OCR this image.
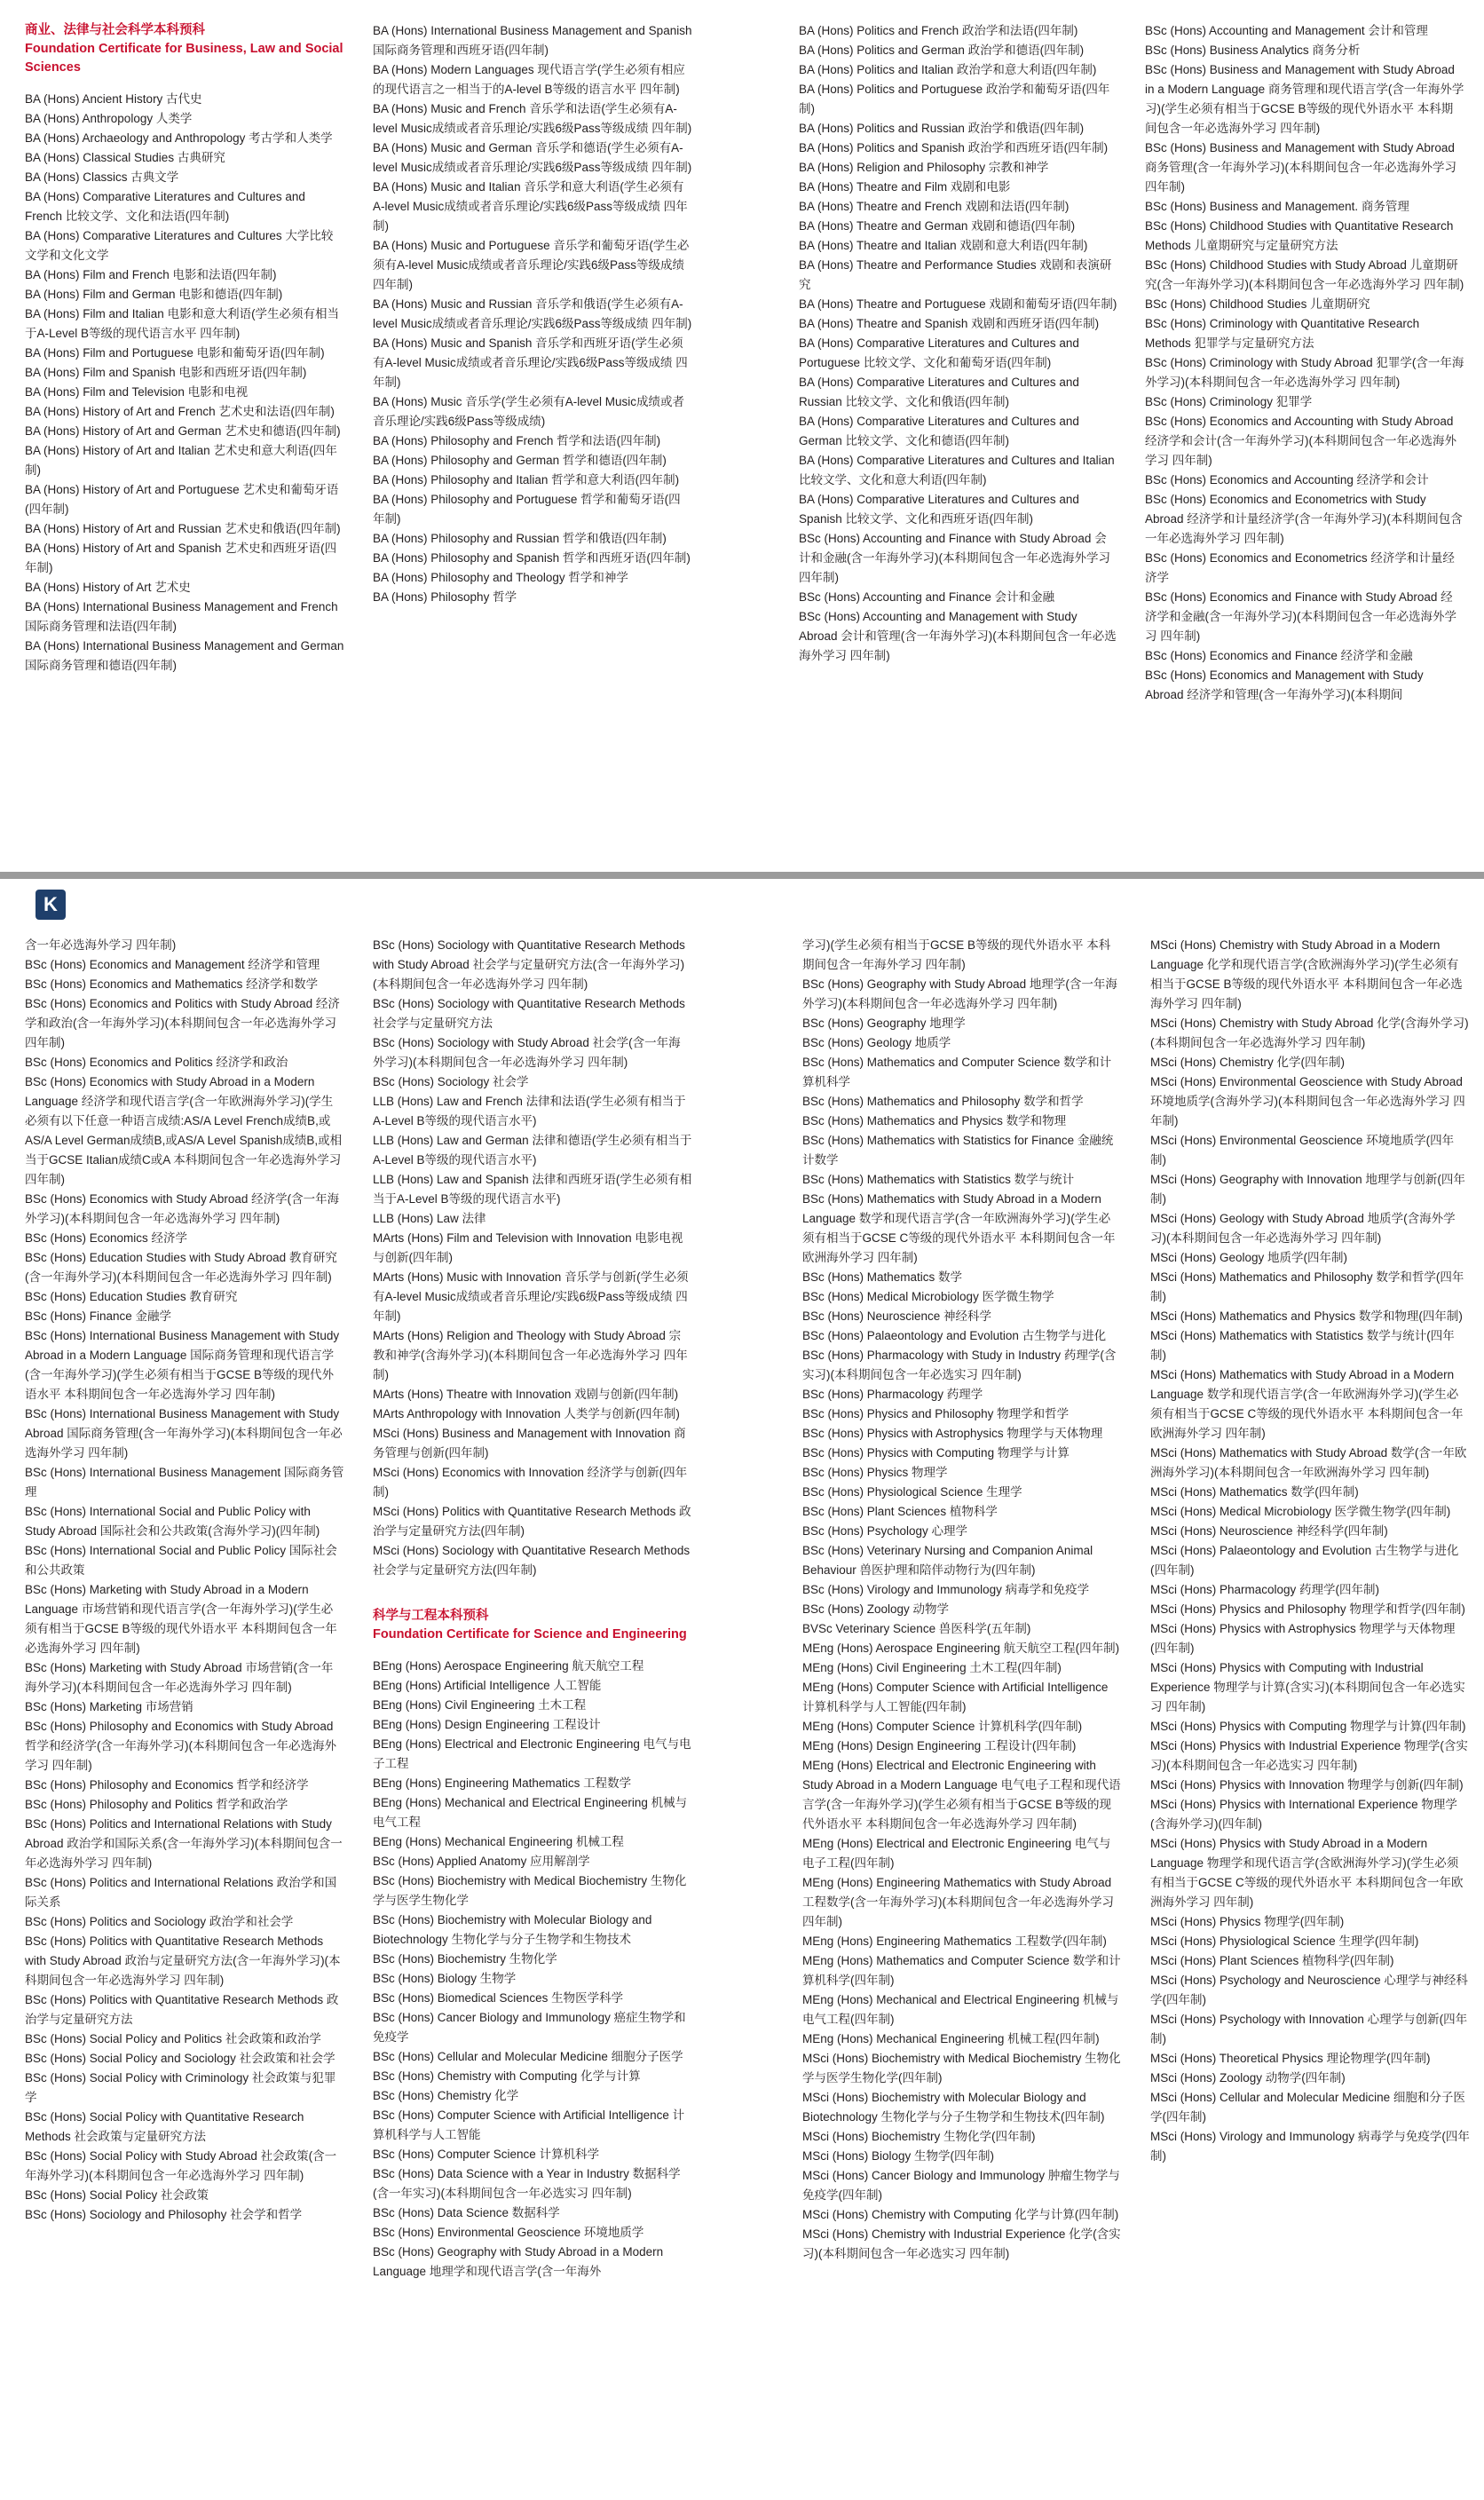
商业、法律与社会科学本科预科
Foundation Certificate for Business, Law and Social Sciences

BA (Hons) Ancient History 古代史

BA (Hons) Anthropology 人类学

BA (Hons) Archaeology and Anthropology 考古学和人类学

BA (Hons) Classical Studies 古典研究

BA (Hons) Classics 古典文学

BA (Hons) Comparative Literatures and Cultures and French 比较文学、文化和法语(四年制)

BA (Hons) Comparative Literatures and Cultures 大学比较文学和文化文学

BA (Hons) Film and French 电影和法语(四年制)

BA (Hons) Film and German 电影和德语(四年制)

BA (Hons) Film and Italian 电影和意大利语(学生必须有相当于A-Level B等级的现代语言水平 四年制)

BA (Hons) Film and Portuguese 电影和葡萄牙语(四年制)

BA (Hons) Film and Spanish 电影和西班牙语(四年制)

BA (Hons) Film and Television 电影和电视

BA (Hons) History of Art and French 艺术史和法语(四年制)

BA (Hons) History of Art and German 艺术史和德语(四年制)

BA (Hons) History of Art and Italian 艺术史和意大利语(四年制)

BA (Hons) History of Art and Portuguese 艺术史和葡萄牙语(四年制)

BA (Hons) History of Art and Russian 艺术史和俄语(四年制)

BA (Hons) History of Art and Spanish 艺术史和西班牙语(四年制)

BA (Hons) History of Art 艺术史

BA (Hons) International Business Management and French 国际商务管理和法语(四年制)

BA (Hons) International Business Management and German 国际商务管理和德语(四年制)

BA (Hons) International Business Management and Spanish 国际商务管理和西班牙语(四年制)

BA (Hons) Modern Languages 现代语言学(学生必须有相应的现代语言之一相当于的A-level B等级的语言水平 四年制)

BA (Hons) Music and French 音乐学和法语(学生必须有A-level Music成绩或者音乐理论/实践6级Pass等级成绩 四年制)

BA (Hons) Music and German 音乐学和德语(学生必须有A-level Music成绩或者音乐理论/实践6级Pass等级成绩 四年制)

BA (Hons) Music and Italian 音乐学和意大利语(学生必须有A-level Music成绩或者音乐理论/实践6级Pass等级成绩 四年制)

BA (Hons) Music and Portuguese 音乐学和葡萄牙语(学生必须有A-level Music成绩或者音乐理论/实践6级Pass等级成绩 四年制)

BA (Hons) Music and Russian 音乐学和俄语(学生必须有A-level Music成绩或者音乐理论/实践6级Pass等级成绩 四年制)

BA (Hons) Music and Spanish 音乐学和西班牙语(学生必须有A-level Music成绩或者音乐理论/实践6级Pass等级成绩 四年制)

BA (Hons) Music 音乐学(学生必须有A-level Music成绩或者音乐理论/实践6级Pass等级成绩)

BA (Hons) Philosophy and French 哲学和法语(四年制)

BA (Hons) Philosophy and German 哲学和德语(四年制)

BA (Hons) Philosophy and Italian 哲学和意大利语(四年制)

BA (Hons) Philosophy and Portuguese 哲学和葡萄牙语(四年制)

BA (Hons) Philosophy and Russian 哲学和俄语(四年制)

BA (Hons) Philosophy and Spanish 哲学和西班牙语(四年制)

BA (Hons) Philosophy and Theology 哲学和神学

BA (Hons) Philosophy 哲学

BA (Hons) Politics and French 政治学和法语(四年制)

BA (Hons) Politics and German 政治学和德语(四年制)

BA (Hons) Politics and Italian 政治学和意大利语(四年制)

BA (Hons) Politics and Portuguese 政治学和葡萄牙语(四年制)

BA (Hons) Politics and Russian 政治学和俄语(四年制)

BA (Hons) Politics and Spanish 政治学和西班牙语(四年制)

BA (Hons) Religion and Philosophy 宗教和神学

BA (Hons) Theatre and Film 戏剧和电影

BA (Hons) Theatre and French 戏剧和法语(四年制)

BA (Hons) Theatre and German 戏剧和德语(四年制)

BA (Hons) Theatre and Italian 戏剧和意大利语(四年制)

BA (Hons) Theatre and Performance Studies 戏剧和表演研究

BA (Hons) Theatre and Portuguese 戏剧和葡萄牙语(四年制)

BA (Hons) Theatre and Spanish 戏剧和西班牙语(四年制)

BA (Hons) Comparative Literatures and Cultures and Portuguese 比较文学、文化和葡萄牙语(四年制)

BA (Hons) Comparative Literatures and Cultures and Russian 比较文学、文化和俄语(四年制)

BA (Hons) Comparative Literatures and Cultures and German 比较文学、文化和德语(四年制)

BA (Hons) Comparative Literatures and Cultures and Italian 比较文学、文化和意大利语(四年制)

BA (Hons) Comparative Literatures and Cultures and Spanish 比较文学、文化和西班牙语(四年制)

BSc (Hons) Accounting and Finance with Study Abroad 会计和金融(含一年海外学习)(本科期间包含一年必选海外学习 四年制)

BSc (Hons) Accounting and Finance 会计和金融

BSc (Hons) Accounting and Management with Study Abroad 会计和管理(含一年海外学习)(本科期间包含一年必选海外学习 四年制)

BSc (Hons) Accounting and Management 会计和管理

BSc (Hons) Business Analytics 商务分析

BSc (Hons) Business and Management with Study Abroad in a Modern Language 商务管理和现代语言学(含一年海外学习)(学生必须有相当于GCSE B等级的现代外语水平 本科期间包含一年必选海外学习 四年制)

BSc (Hons) Business and Management with Study Abroad 商务管理(含一年海外学习)(本科期间包含一年必选海外学习 四年制)

BSc (Hons) Business and Management. 商务管理

BSc (Hons) Childhood Studies with Quantitative Research Methods 儿童期研究与定量研究方法

BSc (Hons) Childhood Studies with Study Abroad 儿童期研究(含一年海外学习)(本科期间包含一年必选海外学习 四年制)

BSc (Hons) Childhood Studies 儿童期研究

BSc (Hons) Criminology with Quantitative Research Methods 犯罪学与定量研究方法

BSc (Hons) Criminology with Study Abroad 犯罪学(含一年海外学习)(本科期间包含一年必选海外学习 四年制)

BSc (Hons) Criminology 犯罪学

BSc (Hons) Economics and Accounting with Study Abroad 经济学和会计(含一年海外学习)(本科期间包含一年必选海外学习 四年制)

BSc (Hons) Economics and Accounting 经济学和会计

BSc (Hons) Economics and Econometrics with Study Abroad 经济学和计量经济学(含一年海外学习)(本科期间包含一年必选海外学习 四年制)

BSc (Hons) Economics and Econometrics 经济学和计量经济学

BSc (Hons) Economics and Finance with Study Abroad 经济学和金融(含一年海外学习)(本科期间包含一年必选海外学习 四年制)

BSc (Hons) Economics and Finance 经济学和金融

BSc (Hons) Economics and Management with Study Abroad 经济学和管理(含一年海外学习)(本科期间

K

含一年必选海外学习 四年制)

BSc (Hons) Economics and Management 经济学和管理

BSc (Hons) Economics and Mathematics 经济学和数学

BSc (Hons) Economics and Politics with Study Abroad 经济学和政治(含一年海外学习)(本科期间包含一年必选海外学习 四年制)

BSc (Hons) Economics and Politics 经济学和政治

BSc (Hons) Economics with Study Abroad in a Modern Language 经济学和现代语言学(含一年欧洲海外学习)(学生必须有以下任意一种语言成绩:AS/A Level French成绩B,或AS/A Level German成绩B,或AS/A Level Spanish成绩B,或相当于GCSE Italian成绩C或A 本科期间包含一年必选海外学习 四年制)

BSc (Hons) Economics with Study Abroad 经济学(含一年海外学习)(本科期间包含一年必选海外学习 四年制)

BSc (Hons) Economics 经济学

BSc (Hons) Education Studies with Study Abroad 教育研究(含一年海外学习)(本科期间包含一年必选海外学习 四年制)

BSc (Hons) Education Studies 教育研究

BSc (Hons) Finance 金融学

BSc (Hons) International Business Management with Study Abroad in a Modern Language 国际商务管理和现代语言学(含一年海外学习)(学生必须有相当于GCSE B等级的现代外语水平 本科期间包含一年必选海外学习 四年制)

BSc (Hons) International Business Management with Study Abroad 国际商务管理(含一年海外学习)(本科期间包含一年必选海外学习 四年制)

BSc (Hons) International Business Management 国际商务管理

BSc (Hons) International Social and Public Policy with Study Abroad 国际社会和公共政策(含海外学习)(四年制)

BSc (Hons) International Social and Public Policy 国际社会和公共政策

BSc (Hons) Marketing with Study Abroad in a Modern Language 市场营销和现代语言学(含一年海外学习)(学生必须有相当于GCSE B等级的现代外语水平 本科期间包含一年必选海外学习 四年制)

BSc (Hons) Marketing with Study Abroad 市场营销(含一年海外学习)(本科期间包含一年必选海外学习 四年制)

BSc (Hons) Marketing 市场营销

BSc (Hons) Philosophy and Economics with Study Abroad 哲学和经济学(含一年海外学习)(本科期间包含一年必选海外学习 四年制)

BSc (Hons) Philosophy and Economics 哲学和经济学

BSc (Hons) Philosophy and Politics 哲学和政治学

BSc (Hons) Politics and International Relations with Study Abroad 政治学和国际关系(含一年海外学习)(本科期间包含一年必选海外学习 四年制)

BSc (Hons) Politics and International Relations 政治学和国际关系

BSc (Hons) Politics and Sociology 政治学和社会学

BSc (Hons) Politics with Quantitative Research Methods with Study Abroad 政治与定量研究方法(含一年海外学习)(本科期间包含一年必选海外学习 四年制)

BSc (Hons) Politics with Quantitative Research Methods 政治学与定量研究方法

BSc (Hons) Social Policy and Politics 社会政策和政治学

BSc (Hons) Social Policy and Sociology 社会政策和社会学

BSc (Hons) Social Policy with Criminology 社会政策与犯罪学

BSc (Hons) Social Policy with Quantitative Research Methods 社会政策与定量研究方法

BSc (Hons) Social Policy with Study Abroad 社会政策(含一年海外学习)(本科期间包含一年必选海外学习 四年制)

BSc (Hons) Social Policy 社会政策

BSc (Hons) Sociology and Philosophy 社会学和哲学

BSc (Hons) Sociology with Quantitative Research Methods with Study Abroad 社会学与定量研究方法(含一年海外学习)(本科期间包含一年必选海外学习 四年制)

BSc (Hons) Sociology with Quantitative Research Methods 社会学与定量研究方法

BSc (Hons) Sociology with Study Abroad 社会学(含一年海外学习)(本科期间包含一年必选海外学习 四年制)

BSc (Hons) Sociology 社会学

LLB (Hons) Law and French 法律和法语(学生必须有相当于A-Level B等级的现代语言水平)

LLB (Hons) Law and German 法律和德语(学生必须有相当于A-Level B等级的现代语言水平)

LLB (Hons) Law and Spanish 法律和西班牙语(学生必须有相当于A-Level B等级的现代语言水平)

LLB (Hons) Law 法律

MArts (Hons) Film and Television with Innovation 电影电视与创新(四年制)

MArts (Hons) Music with Innovation 音乐学与创新(学生必须有A-level Music成绩或者音乐理论/实践6级Pass等级成绩 四年制)

MArts (Hons) Religion and Theology with Study Abroad 宗教和神学(含海外学习)(本科期间包含一年必选海外学习 四年制)

MArts (Hons) Theatre with Innovation 戏剧与创新(四年制)

MArts Anthropology with Innovation 人类学与创新(四年制)

MSci (Hons) Business and Management with Innovation 商务管理与创新(四年制)

MSci (Hons) Economics with Innovation 经济学与创新(四年制)

MSci (Hons) Politics with Quantitative Research Methods 政治学与定量研究方法(四年制)

MSci (Hons) Sociology with Quantitative Research Methods 社会学与定量研究方法(四年制)

科学与工程本科预科
Foundation Certificate for Science and Engineering

BEng (Hons) Aerospace Engineering 航天航空工程

BEng (Hons) Artificial Intelligence 人工智能

BEng (Hons) Civil Engineering 土木工程

BEng (Hons) Design Engineering 工程设计

BEng (Hons) Electrical and Electronic Engineering 电气与电子工程

BEng (Hons) Engineering Mathematics 工程数学

BEng (Hons) Mechanical and Electrical Engineering 机械与电气工程

BEng (Hons) Mechanical Engineering 机械工程

BSc (Hons) Applied Anatomy 应用解剖学

BSc (Hons) Biochemistry with Medical Biochemistry 生物化学与医学生物化学

BSc (Hons) Biochemistry with Molecular Biology and Biotechnology 生物化学与分子生物学和生物技术

BSc (Hons) Biochemistry 生物化学

BSc (Hons) Biology 生物学

BSc (Hons) Biomedical Sciences 生物医学科学

BSc (Hons) Cancer Biology and Immunology 癌症生物学和免疫学

BSc (Hons) Cellular and Molecular Medicine 细胞分子医学

BSc (Hons) Chemistry with Computing 化学与计算

BSc (Hons) Chemistry 化学

BSc (Hons) Computer Science with Artificial Intelligence 计算机科学与人工智能

BSc (Hons) Computer Science 计算机科学

BSc (Hons) Data Science with a Year in Industry 数据科学(含一年实习)(本科期间包含一年必选实习 四年制)

BSc (Hons) Data Science 数据科学

BSc (Hons) Environmental Geoscience 环境地质学

BSc (Hons) Geography with Study Abroad in a Modern Language 地理学和现代语言学(含一年海外

学习)(学生必须有相当于GCSE B等级的现代外语水平 本科期间包含一年海外学习 四年制)

BSc (Hons) Geography with Study Abroad 地理学(含一年海外学习)(本科期间包含一年必选海外学习 四年制)

BSc (Hons) Geography 地理学

BSc (Hons) Geology 地质学

BSc (Hons) Mathematics and Computer Science 数学和计算机科学

BSc (Hons) Mathematics and Philosophy 数学和哲学

BSc (Hons) Mathematics and Physics 数学和物理

BSc (Hons) Mathematics with Statistics for Finance 金融统计数学

BSc (Hons) Mathematics with Statistics 数学与统计

BSc (Hons) Mathematics with Study Abroad in a Modern Language 数学和现代语言学(含一年欧洲海外学习)(学生必须有相当于GCSE C等级的现代外语水平 本科期间包含一年欧洲海外学习 四年制)

BSc (Hons) Mathematics 数学

BSc (Hons) Medical Microbiology 医学微生物学

BSc (Hons) Neuroscience 神经科学

BSc (Hons) Palaeontology and Evolution 古生物学与进化

BSc (Hons) Pharmacology with Study in Industry 药理学(含实习)(本科期间包含一年必选实习 四年制)

BSc (Hons) Pharmacology 药理学

BSc (Hons) Physics and Philosophy 物理学和哲学

BSc (Hons) Physics with Astrophysics 物理学与天体物理

BSc (Hons) Physics with Computing 物理学与计算

BSc (Hons) Physics 物理学

BSc (Hons) Physiological Science 生理学

BSc (Hons) Plant Sciences 植物科学

BSc (Hons) Psychology 心理学

BSc (Hons) Veterinary Nursing and Companion Animal Behaviour 兽医护理和陪伴动物行为(四年制)

BSc (Hons) Virology and Immunology 病毒学和免疫学

BSc (Hons) Zoology 动物学

BVSc Veterinary Science 兽医科学(五年制)

MEng (Hons) Aerospace Engineering 航天航空工程(四年制)

MEng (Hons) Civil Engineering 土木工程(四年制)

MEng (Hons) Computer Science with Artificial Intelligence 计算机科学与人工智能(四年制)

MEng (Hons) Computer Science 计算机科学(四年制)

MEng (Hons) Design Engineering 工程设计(四年制)

MEng (Hons) Electrical and Electronic Engineering with Study Abroad in a Modern Language 电气电子工程和现代语言学(含一年海外学习)(学生必须有相当于GCSE B等级的现代外语水平 本科期间包含一年必选海外学习 四年制)

MEng (Hons) Electrical and Electronic Engineering 电气与电子工程(四年制)

MEng (Hons) Engineering Mathematics with Study Abroad 工程数学(含一年海外学习)(本科期间包含一年必选海外学习 四年制)

MEng (Hons) Engineering Mathematics 工程数学(四年制)

MEng (Hons) Mathematics and Computer Science 数学和计算机科学(四年制)

MEng (Hons) Mechanical and Electrical Engineering 机械与电气工程(四年制)

MEng (Hons) Mechanical Engineering 机械工程(四年制)

MSci (Hons) Biochemistry with Medical Biochemistry 生物化学与医学生物化学(四年制)

MSci (Hons) Biochemistry with Molecular Biology and Biotechnology 生物化学与分子生物学和生物技术(四年制)

MSci (Hons) Biochemistry 生物化学(四年制)

MSci (Hons) Biology 生物学(四年制)

MSci (Hons) Cancer Biology and Immunology 肿瘤生物学与免疫学(四年制)

MSci (Hons) Chemistry with Computing 化学与计算(四年制)

MSci (Hons) Chemistry with Industrial Experience 化学(含实习)(本科期间包含一年必选实习 四年制)

MSci (Hons) Chemistry with Study Abroad in a Modern Language 化学和现代语言学(含欧洲海外学习)(学生必须有相当于GCSE B等级的现代外语水平 本科期间包含一年必选海外学习 四年制)

MSci (Hons) Chemistry with Study Abroad 化学(含海外学习)(本科期间包含一年必选海外学习 四年制)

MSci (Hons) Chemistry 化学(四年制)

MSci (Hons) Environmental Geoscience with Study Abroad 环境地质学(含海外学习)(本科期间包含一年必选海外学习 四年制)

MSci (Hons) Environmental Geoscience 环境地质学(四年制)

MSci (Hons) Geography with Innovation 地理学与创新(四年制)

MSci (Hons) Geology with Study Abroad 地质学(含海外学习)(本科期间包含一年必选海外学习 四年制)

MSci (Hons) Geology 地质学(四年制)

MSci (Hons) Mathematics and Philosophy 数学和哲学(四年制)

MSci (Hons) Mathematics and Physics 数学和物理(四年制)

MSci (Hons) Mathematics with Statistics 数学与统计(四年制)

MSci (Hons) Mathematics with Study Abroad in a Modern Language 数学和现代语言学(含一年欧洲海外学习)(学生必须有相当于GCSE C等级的现代外语水平 本科期间包含一年欧洲海外学习 四年制)

MSci (Hons) Mathematics with Study Abroad 数学(含一年欧洲海外学习)(本科期间包含一年欧洲海外学习 四年制)

MSci (Hons) Mathematics 数学(四年制)

MSci (Hons) Medical Microbiology 医学微生物学(四年制)

MSci (Hons) Neuroscience 神经科学(四年制)

MSci (Hons) Palaeontology and Evolution 古生物学与进化(四年制)

MSci (Hons) Pharmacology 药理学(四年制)

MSci (Hons) Physics and Philosophy 物理学和哲学(四年制)

MSci (Hons) Physics with Astrophysics 物理学与天体物理(四年制)

MSci (Hons) Physics with Computing with Industrial Experience 物理学与计算(含实习)(本科期间包含一年必选实习 四年制)

MSci (Hons) Physics with Computing 物理学与计算(四年制)

MSci (Hons) Physics with Industrial Experience 物理学(含实习)(本科期间包含一年必选实习 四年制)

MSci (Hons) Physics with Innovation 物理学与创新(四年制)

MSci (Hons) Physics with International Experience 物理学(含海外学习)(四年制)

MSci (Hons) Physics with Study Abroad in a Modern Language 物理学和现代语言学(含欧洲海外学习)(学生必须有相当于GCSE C等级的现代外语水平 本科期间包含一年欧洲海外学习 四年制)

MSci (Hons) Physics 物理学(四年制)

MSci (Hons) Physiological Science 生理学(四年制)

MSci (Hons) Plant Sciences 植物科学(四年制)

MSci (Hons) Psychology and Neuroscience 心理学与神经科学(四年制)

MSci (Hons) Psychology with Innovation 心理学与创新(四年制)

MSci (Hons) Theoretical Physics 理论物理学(四年制)

MSci (Hons) Zoology 动物学(四年制)

MSci (Hons) Cellular and Molecular Medicine 细胞和分子医学(四年制)

MSci (Hons) Virology and Immunology 病毒学与免疫学(四年制)
